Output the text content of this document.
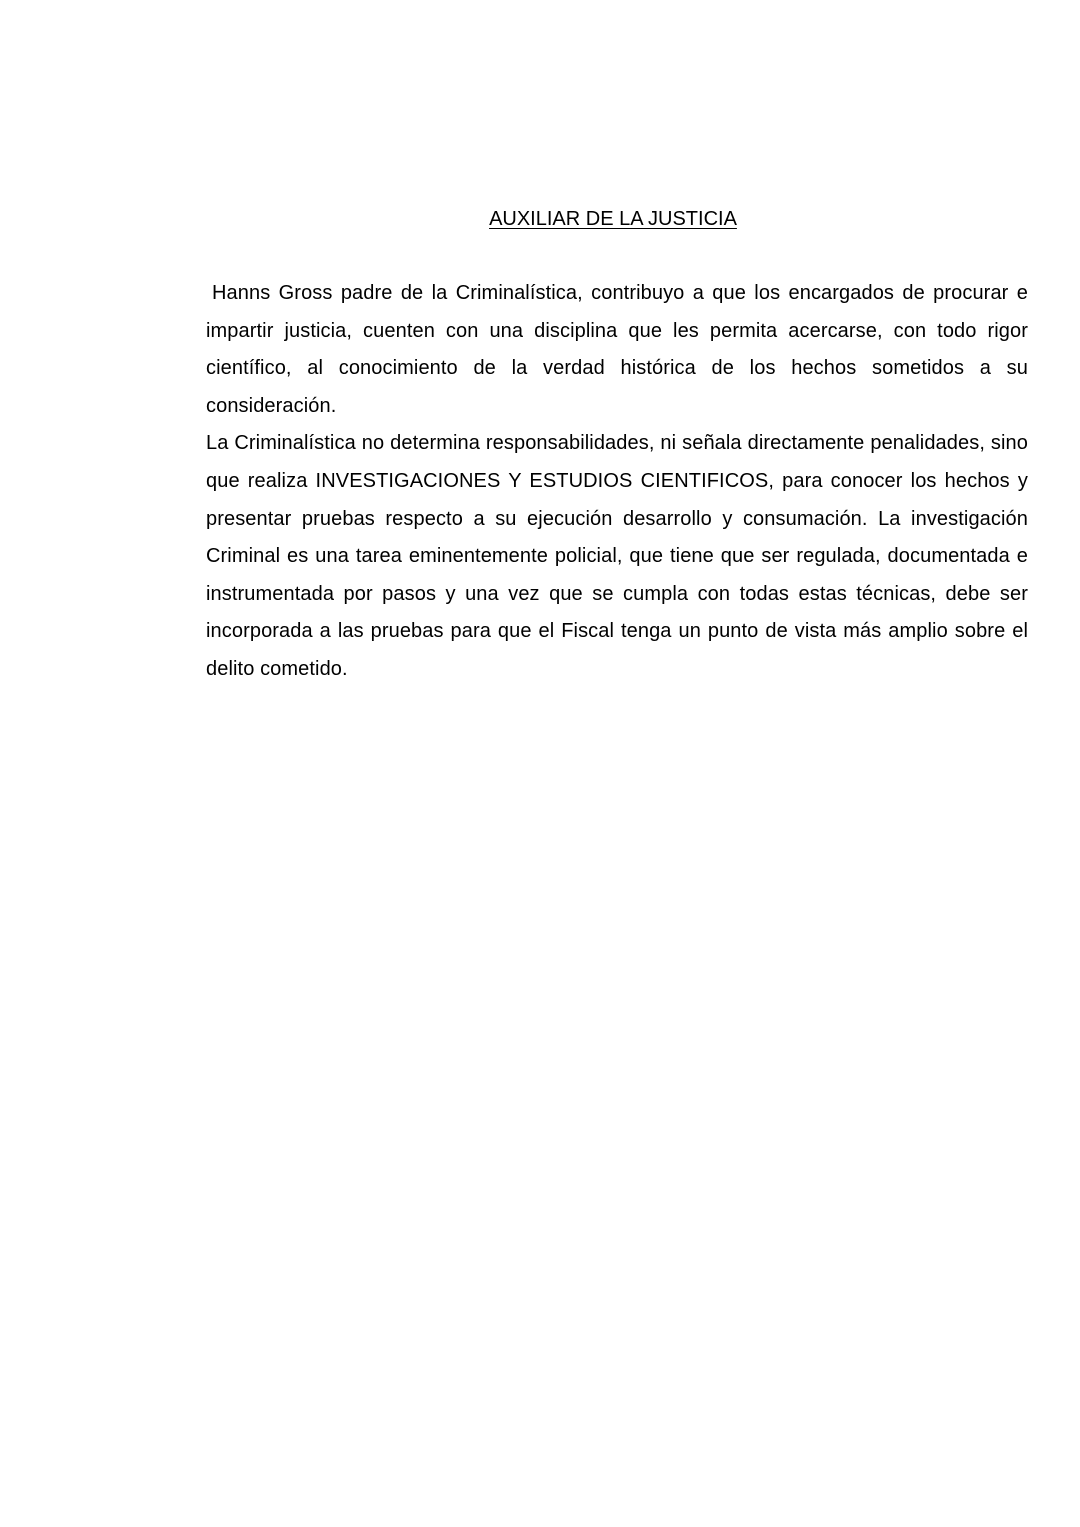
AUXILIAR DE LA JUSTICIA

Hanns Gross padre de la Criminalística, contribuyo a que los encargados de procurar e impartir justicia, cuenten con una disciplina que les permita acercarse, con todo rigor científico, al conocimiento de la verdad histórica de los hechos sometidos a su consideración.

La Criminalística no determina responsabilidades, ni señala directamente penalidades, sino que realiza INVESTIGACIONES Y ESTUDIOS CIENTIFICOS, para conocer los hechos y presentar pruebas respecto a su ejecución desarrollo y consumación. La investigación Criminal es una tarea eminentemente policial, que tiene que ser regulada, documentada e instrumentada por pasos y una vez que se cumpla con todas estas técnicas, debe ser incorporada a las pruebas para que el Fiscal tenga un punto de vista más amplio sobre el delito cometido.
